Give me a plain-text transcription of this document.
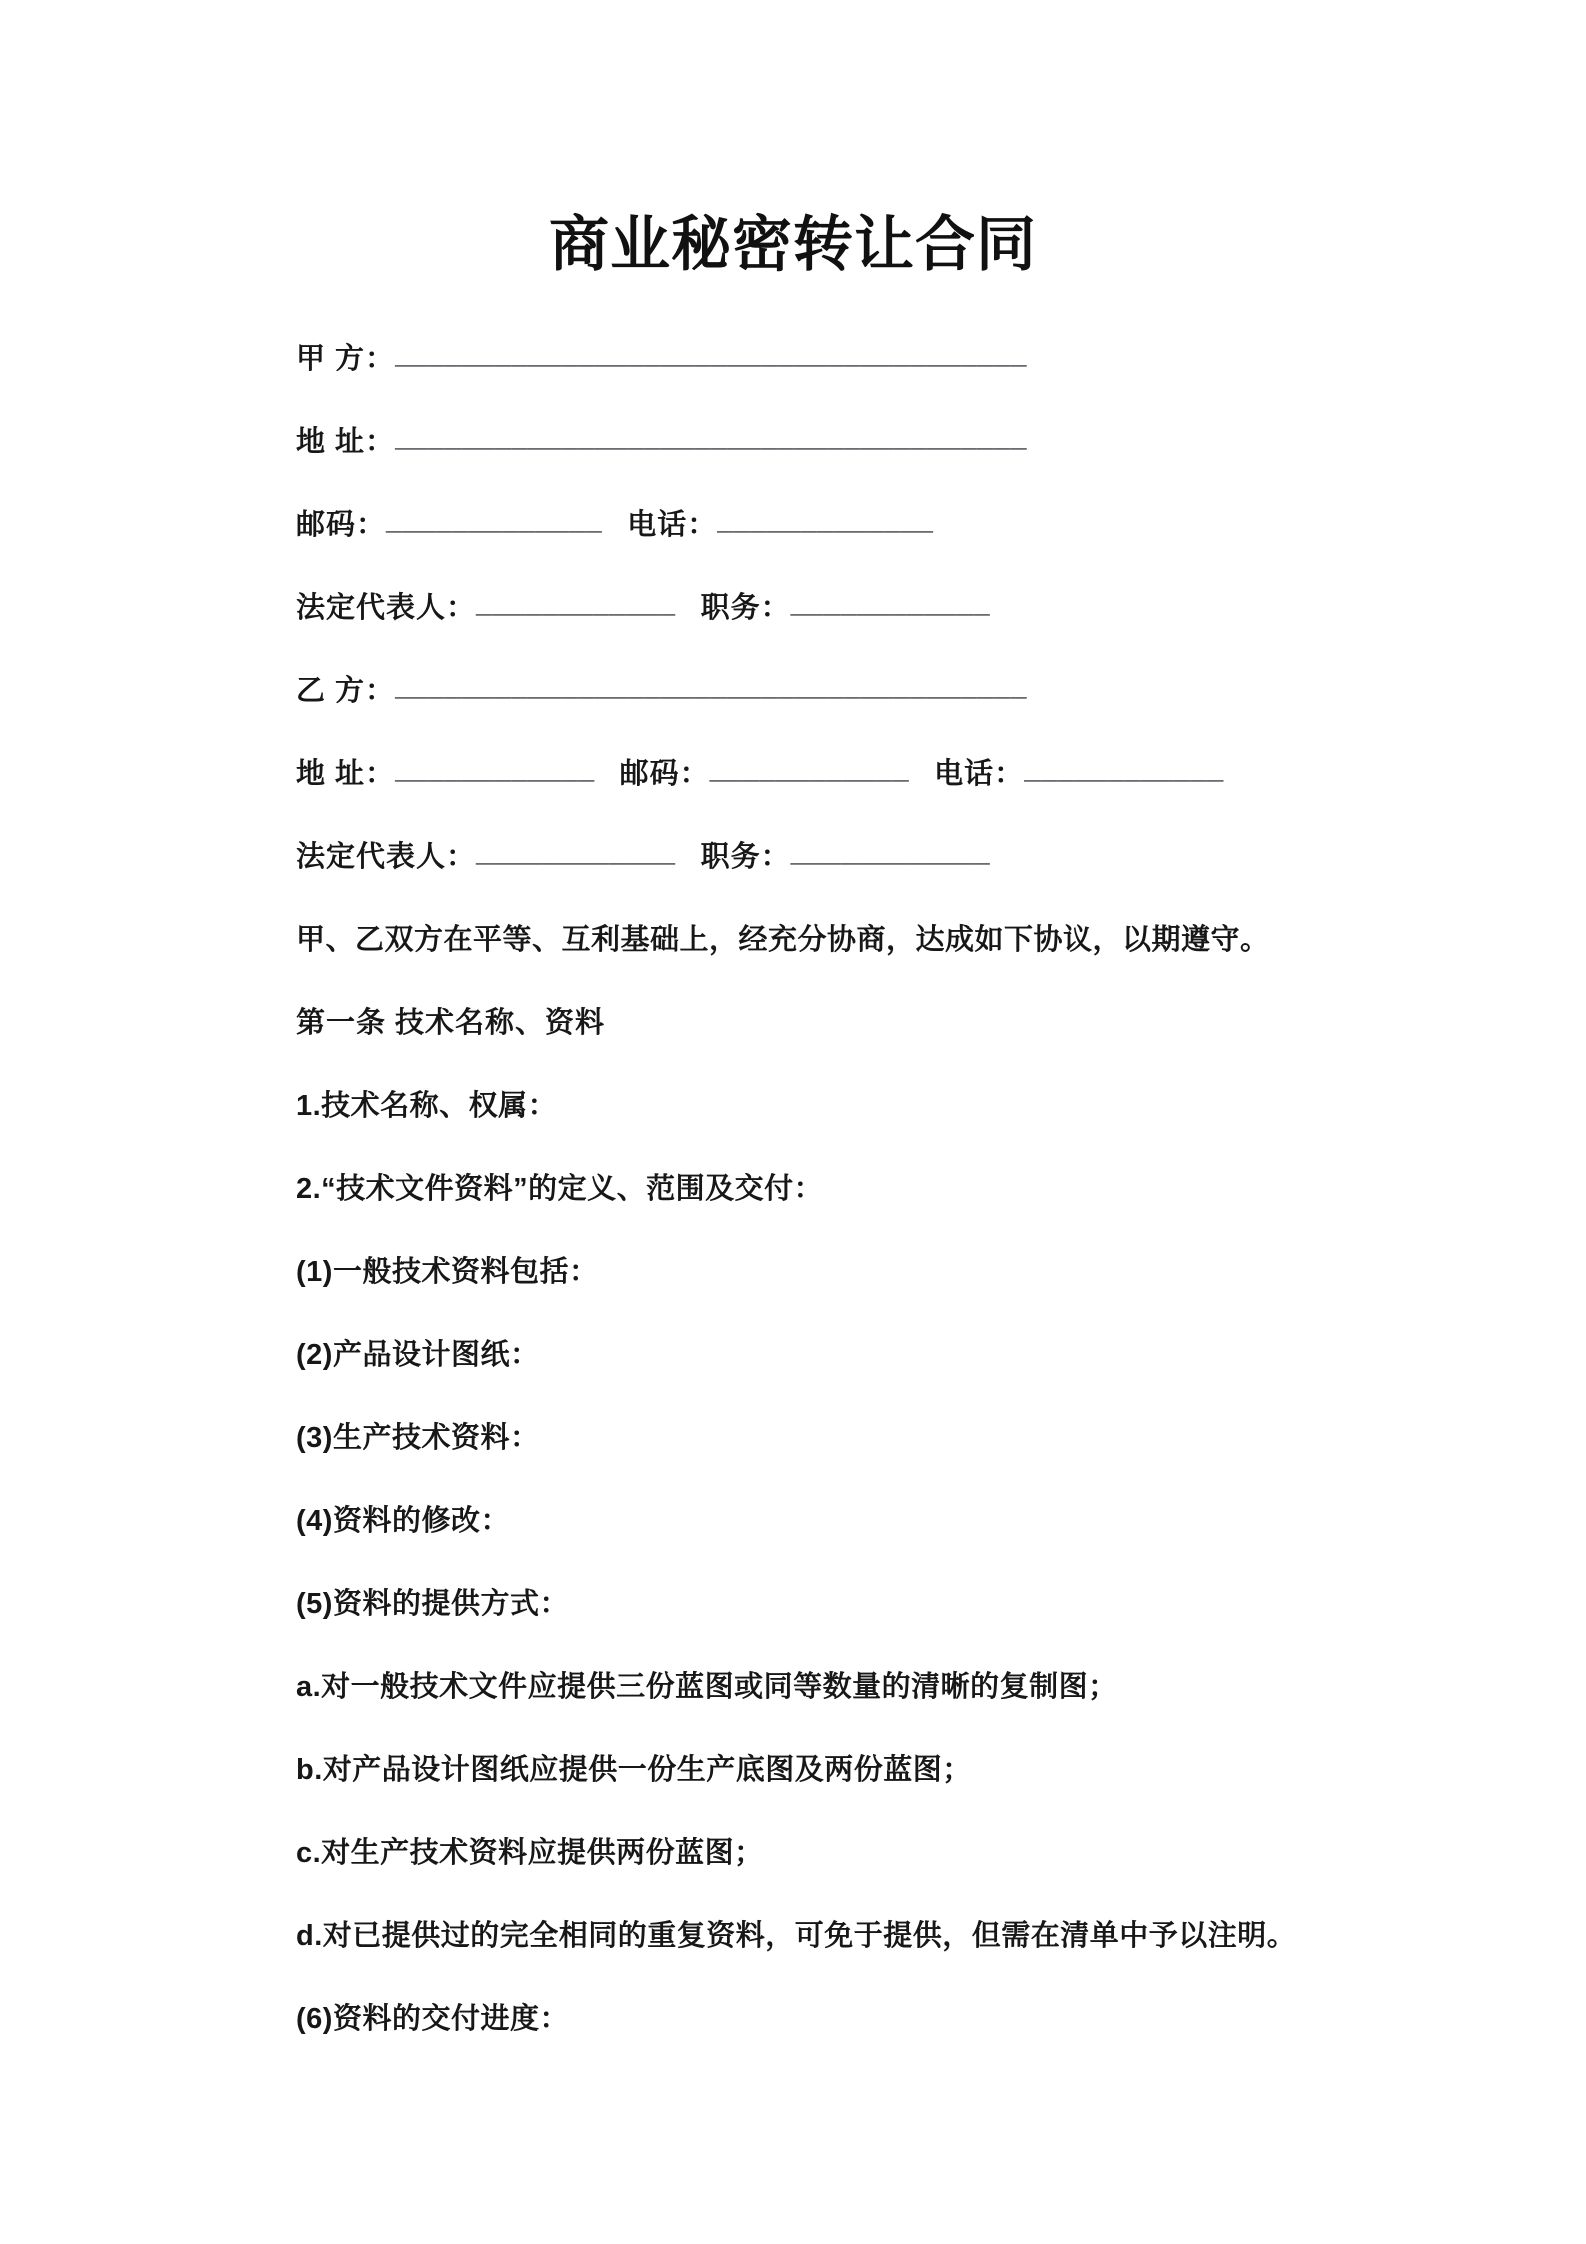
商业秘密转让合同
甲 方： ______________________________________
地 址： ______________________________________
邮码： _____________ 电话： _____________
法定代表人： ____________ 职务： ____________
乙 方： ______________________________________
地 址： ____________ 邮码： ____________ 电话： ____________
法定代表人： ____________ 职务： ____________
甲、乙双方在平等、互利基础上，经充分协商，达成如下协议，以期遵守。
第一条 技术名称、资料
1.技术名称、权属：
2.“技术文件资料”的定义、范围及交付：
(1)一般技术资料包括：
(2)产品设计图纸：
(3)生产技术资料：
(4)资料的修改：
(5)资料的提供方式：
a.对一般技术文件应提供三份蓝图或同等数量的清晰的复制图；
b.对产品设计图纸应提供一份生产底图及两份蓝图；
c.对生产技术资料应提供两份蓝图；
d.对已提供过的完全相同的重复资料，可免于提供，但需在清单中予以注明。
(6)资料的交付进度：
